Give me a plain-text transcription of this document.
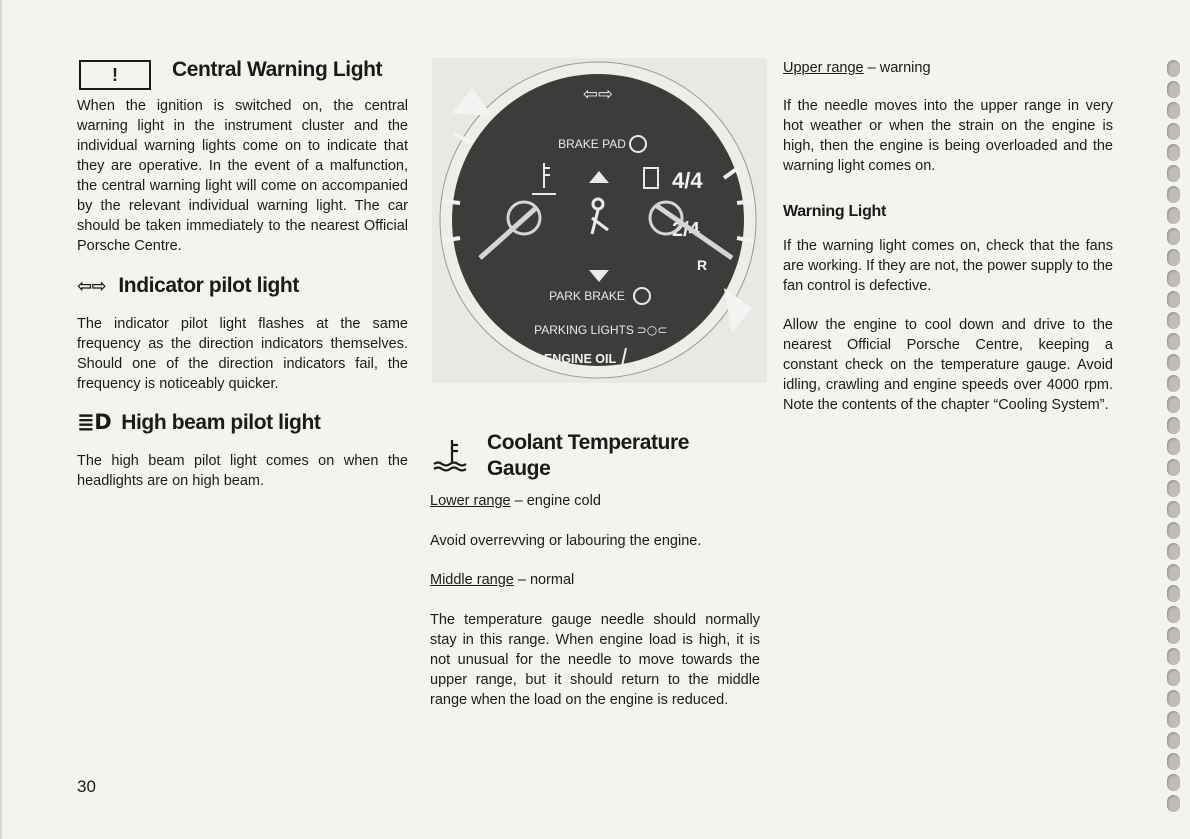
!	Central Warning Light
When the ignition is switched on, the central warning light in the instrument cluster and the individual warning lights come on to indicate that they are operative. In the event of a malfunction, the central warning light will come on accompanied by the relevant individual warning light. The car should be taken immediately to the nearest Official Porsche Centre.
⇦⇨ Indicator pilot light
The indicator pilot light flashes at the same frequency as the direction indicators themselves. Should one of the direction indicators fail, the frequency is noticeably quicker.
≣D High beam pilot light
The high beam pilot light comes on when the headlights are on high beam.
30
⇦⇨
BRAKE PAD
4/4
2/4
R
PARK BRAKE
PARKING LIGHTS ⊃○⊂
ENGINE OIL
Coolant Temperature
Gauge
Lower range – engine cold
Avoid overrevving or labouring the engine.
Middle range – normal
The temperature gauge needle should normally stay in this range. When engine load is high, it is not unusual for the needle to move towards the upper range, but it should return to the middle range when the load on the engine is reduced.
Upper range – warning
If the needle moves into the upper range in very hot weather or when the strain on the engine is high, then the engine is being overloaded and the warning light comes on.
Warning Light
If the warning light comes on, check that the fans are working. If they are not, the power supply to the fan control is defective.
Allow the engine to cool down and drive to the nearest Official Porsche Centre, keeping a constant check on the temperature gauge. Avoid idling, crawling and engine speeds over 4000 rpm. Note the contents of the chapter “Cooling System”.
